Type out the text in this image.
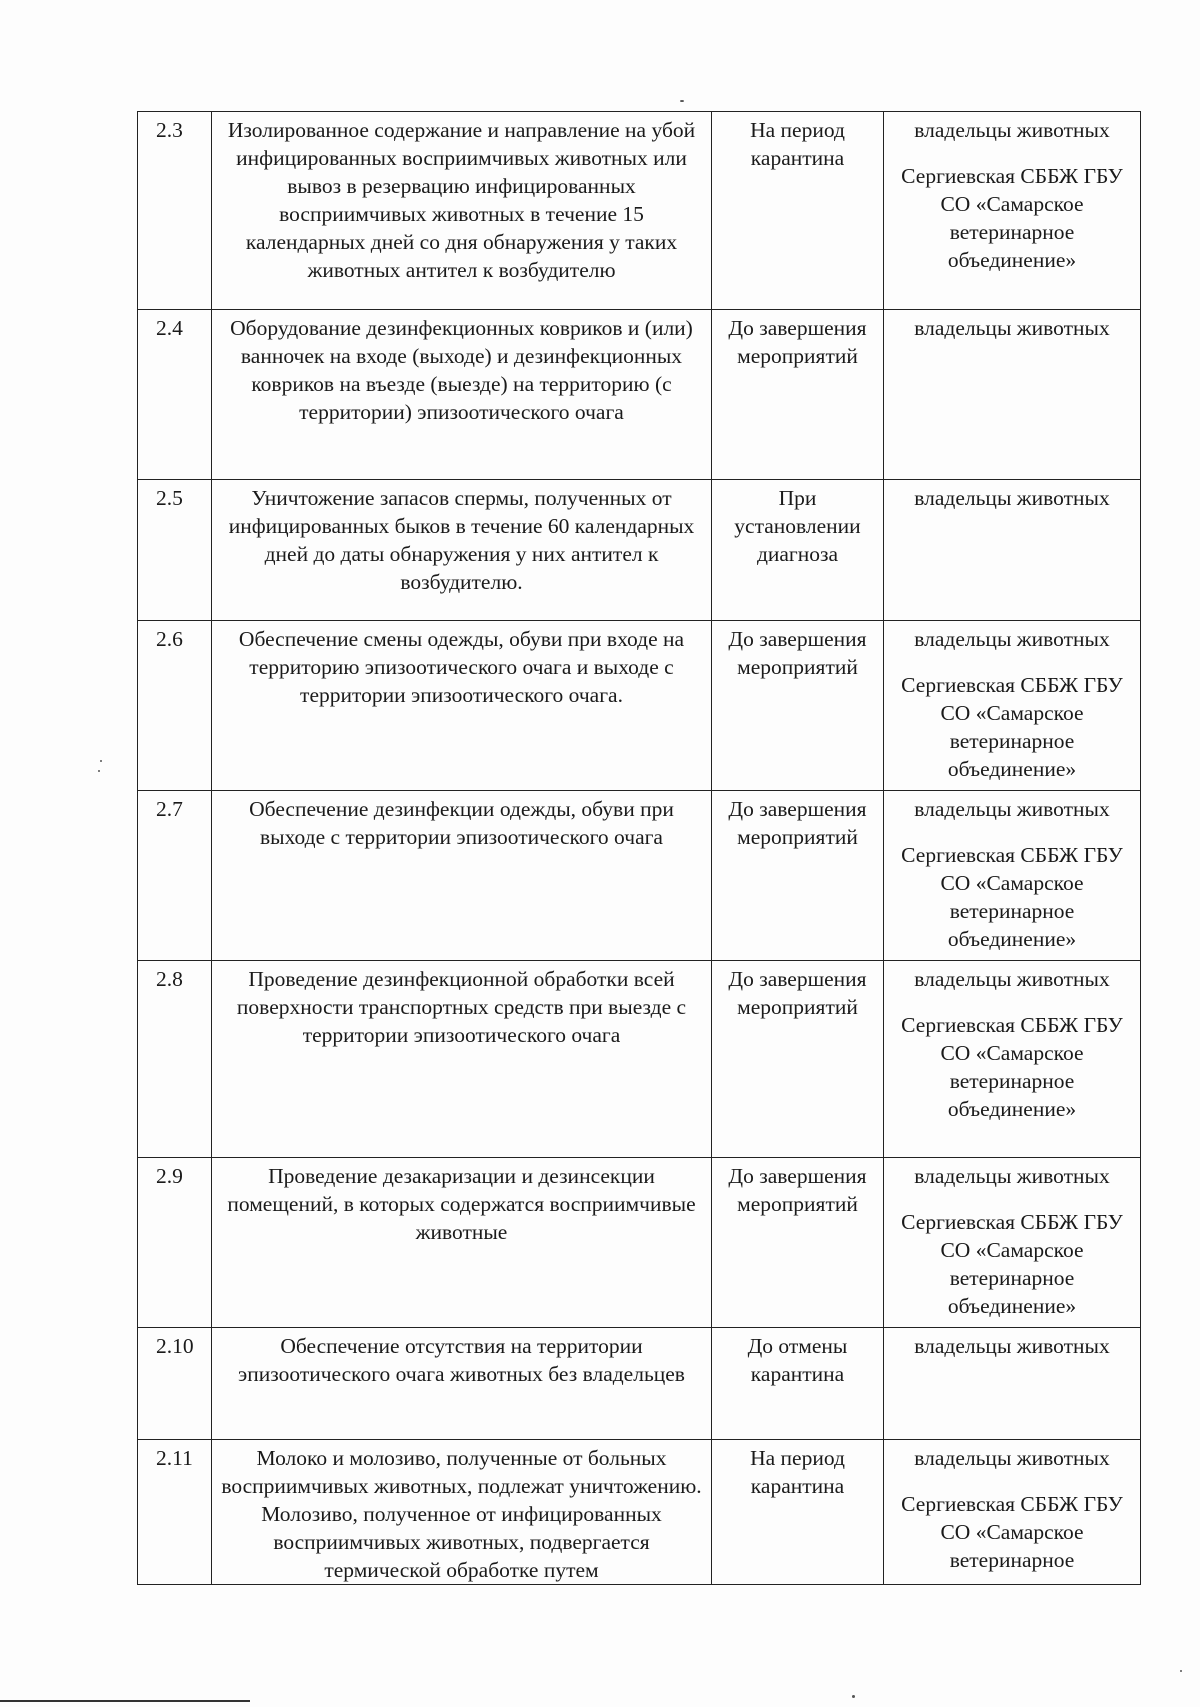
2.3	Изолированное содержание и направление на убой инфицированных восприимчивых животных или вывоз в резервацию инфицированных восприимчивых животных в течение 15 календарных дней со дня обнаружения у таких животных антител к возбудителю	На период карантина	владельцы животных
Сергиевская СББЖ ГБУ СО «Самарское ветеринарное объединение»

2.4	Оборудование дезинфекционных ковриков и (или) ванночек на входе (выходе) и дезинфекционных ковриков на въезде (выезде) на территорию (с территории) эпизоотического очага	До завершения мероприятий	владельцы животных

2.5	Уничтожение запасов спермы, полученных от инфицированных быков в течение 60 календарных дней до даты обнаружения у них антител к возбудителю.	При установлении диагноза	владельцы животных

2.6	Обеспечение смены одежды, обуви при входе на территорию эпизоотического очага и выходе с территории эпизоотического очага.	До завершения мероприятий	владельцы животных
Сергиевская СББЖ ГБУ СО «Самарское ветеринарное объединение»

2.7	Обеспечение дезинфекции одежды, обуви при выходе с территории эпизоотического очага	До завершения мероприятий	владельцы животных
Сергиевская СББЖ ГБУ СО «Самарское ветеринарное объединение»

2.8	Проведение дезинфекционной обработки всей поверхности транспортных средств при выезде с территории эпизоотического очага	До завершения мероприятий	владельцы животных
Сергиевская СББЖ ГБУ СО «Самарское ветеринарное объединение»

2.9	Проведение дезакаризации и дезинсекции помещений, в которых содержатся восприимчивые животные	До завершения мероприятий	владельцы животных
Сергиевская СББЖ ГБУ СО «Самарское ветеринарное объединение»

2.10	Обеспечение отсутствия на территории эпизоотического очага животных без владельцев	До отмены карантина	владельцы животных

2.11	Молоко и молозиво, полученные от больных восприимчивых животных, подлежат уничтожению. Молозиво, полученное от инфицированных восприимчивых животных, подвергается термической обработке путем	На период карантина	владельцы животных
Сергиевская СББЖ ГБУ СО «Самарское ветеринарное
